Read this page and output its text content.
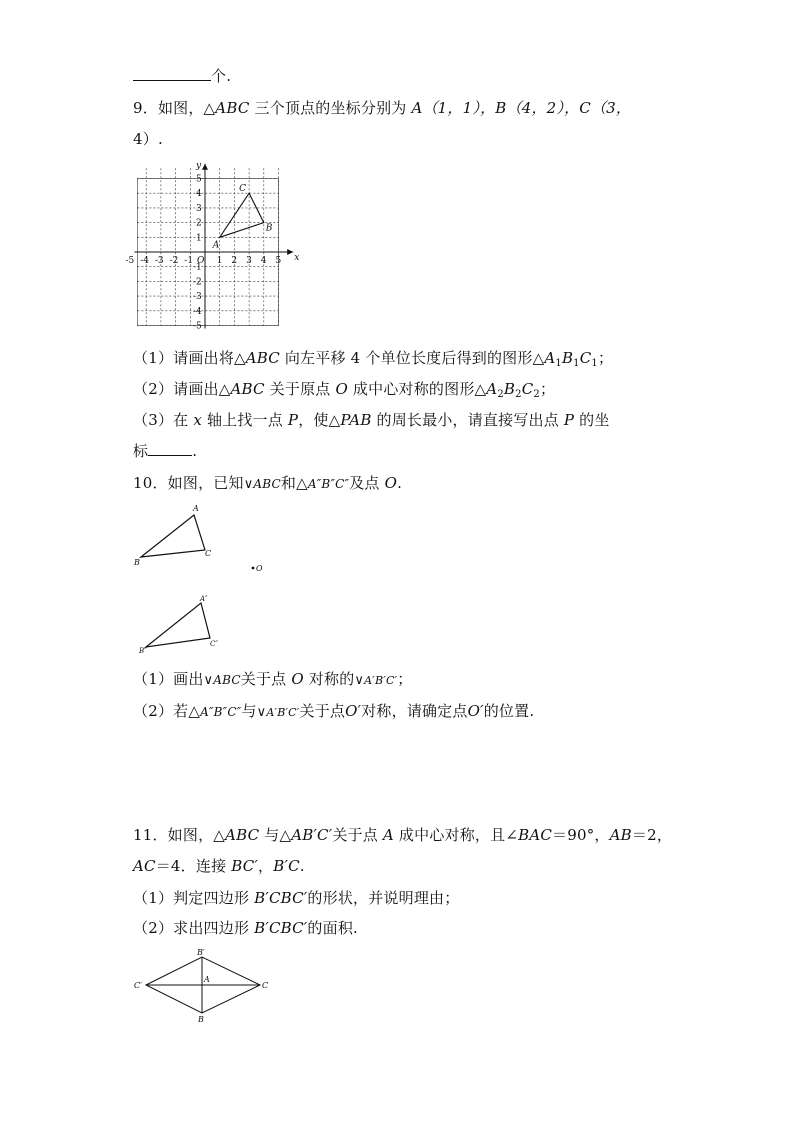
个.
9．如图，△ABC 三个顶点的坐标分别为 A（1，1），B（4，2），C（3，
4）.
x
y
-5 -4 -3 -2 -1 O 1 2 3 4 5
1
2
3
4
5
-1
-2
-3
-4
-5
A
B
C
（1）请画出将△ABC 向左平移 4 个单位长度后得到的图形$\triangle A_1B_1C_1$；
（2）请画出△ABC 关于原点 O 成中心对称的图形$\triangle A_2B_2C_2$；
（3）在 x 轴上找一点 P，使△PAB 的周长最小，请直接写出点 P 的坐
标	.
10．如图，已知∨ABC和△A″B″C″及点 O.
A
B
C
O
A″
B″
C″
（1）画出∨ABC关于点 O 对称的∨A′B′C′；
（2）若△A″B″C″与∨A′B′C′关于点O′对称，请确定点O′的位置.
11．如图，△ABC 与△AB′C′关于点 A 成中心对称，且∠BAC＝90°，AB＝2，
AC＝4．连接 BC′，B′C.
（1）判定四边形 B′CBC′的形状，并说明理由；
（2）求出四边形 B′CBC′的面积.
B′
C′
A
C
B
